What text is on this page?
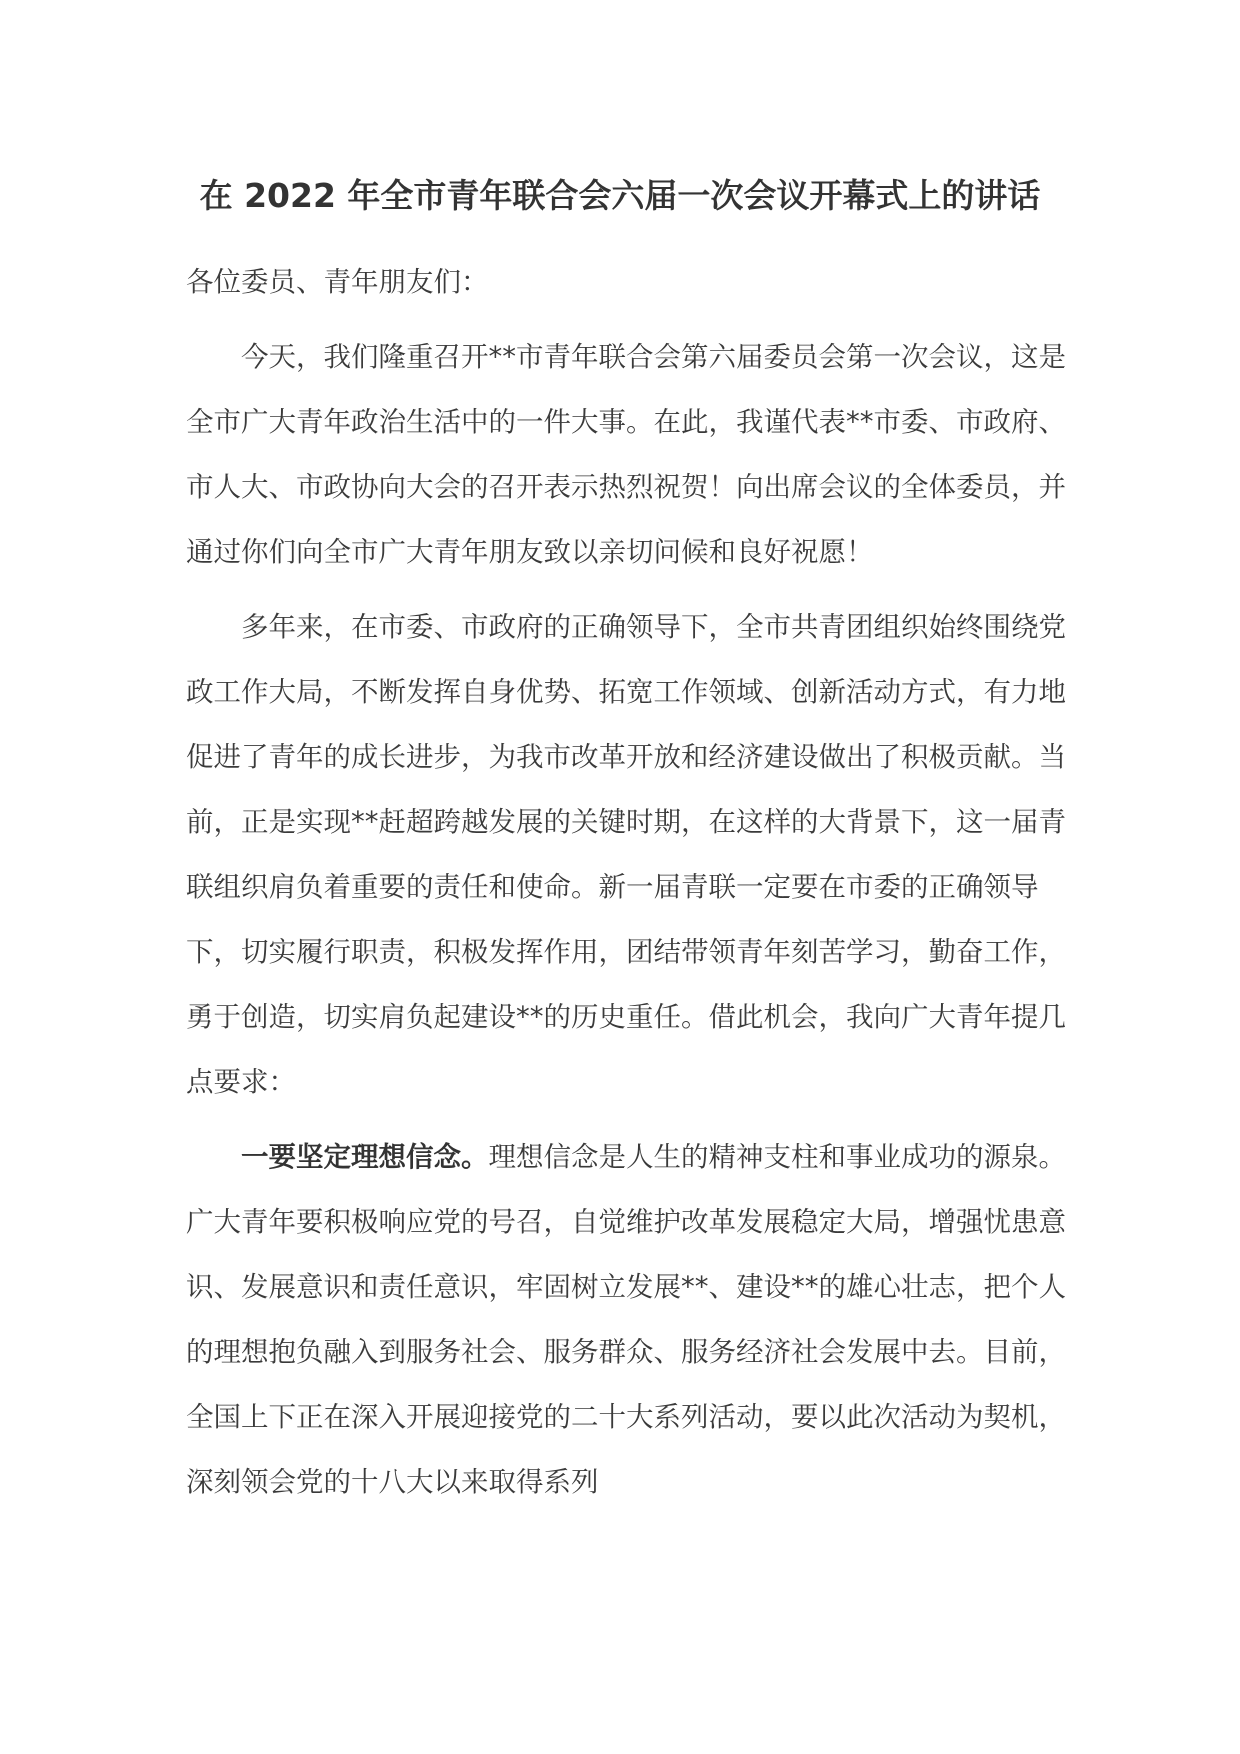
在 2022 年全市青年联合会六届一次会议开幕式上的讲话

各位委员、青年朋友们：

今天，我们隆重召开**市青年联合会第六届委员会第一次会议，这是全市广大青年政治生活中的一件大事。在此，我谨代表**市委、市政府、市人大、市政协向大会的召开表示热烈祝贺！向出席会议的全体委员，并通过你们向全市广大青年朋友致以亲切问候和良好祝愿！

多年来，在市委、市政府的正确领导下，全市共青团组织始终围绕党政工作大局，不断发挥自身优势、拓宽工作领域、创新活动方式，有力地促进了青年的成长进步，为我市改革开放和经济建设做出了积极贡献。当前，正是实现**赶超跨越发展的关键时期，在这样的大背景下，这一届青联组织肩负着重要的责任和使命。新一届青联一定要在市委的正确领导下，切实履行职责，积极发挥作用，团结带领青年刻苦学习，勤奋工作，勇于创造，切实肩负起建设**的历史重任。借此机会，我向广大青年提几点要求：

一要坚定理想信念。理想信念是人生的精神支柱和事业成功的源泉。广大青年要积极响应党的号召，自觉维护改革发展稳定大局，增强忧患意识、发展意识和责任意识，牢固树立发展**、建设**的雄心壮志，把个人的理想抱负融入到服务社会、服务群众、服务经济社会发展中去。目前，全国上下正在深入开展迎接党的二十大系列活动，要以此次活动为契机，深刻领会党的十八大以来取得系列
